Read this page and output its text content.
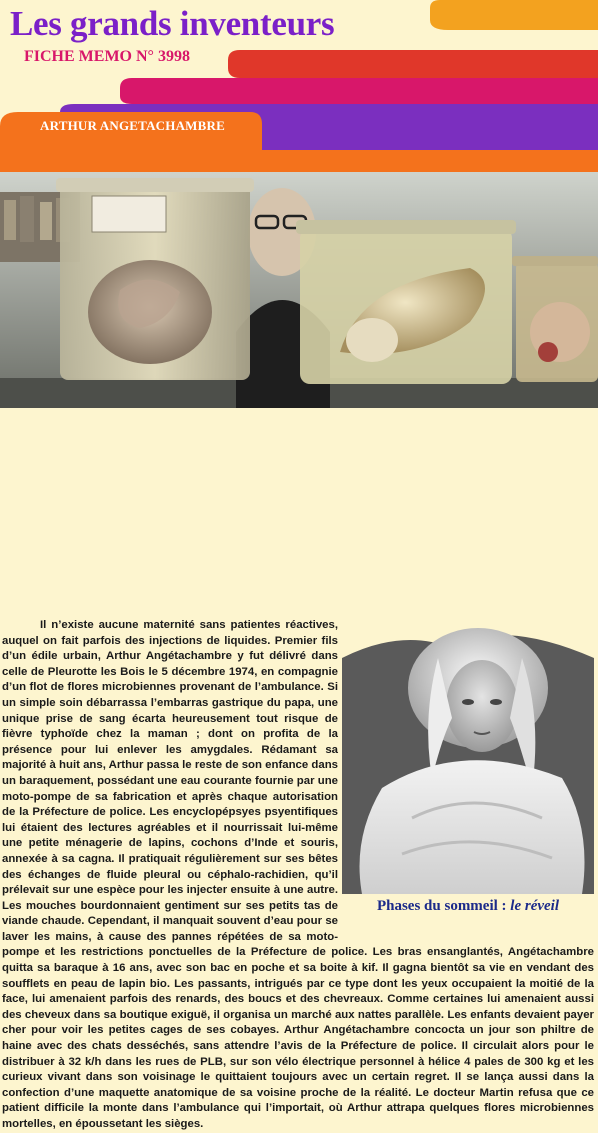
Les grands inventeurs
FICHE MEMO N° 3998
ARTHUR ANGETACHAMBRE

Il n’existe aucune maternité sans patientes réactives, auquel on fait parfois des injections de liquides. Premier fils d’un édile urbain, Arthur Angétachambre y fut délivré dans celle de Pleurotte les Bois le 5 décembre 1974, en compagnie d’un flot de flores microbiennes provenant de l’ambulance. Si un simple soin débarrassa l’embarras gastrique du papa, une unique prise de sang écarta heureusement tout risque de fièvre typhoïde chez la maman ; dont on profita de la présence pour lui enlever les amygdales. Rédamant sa majorité à huit ans, Arthur passa le reste de son enfance dans un baraquement, possédant une eau courante fournie par une moto-pompe de sa fabrication et après chaque autorisation de la Préfecture de police. Les encyclopépsyes psyentifiques lui étaient des lectures agréables et il nourrissait lui-même une petite ménagerie de lapins, cochons d’Inde et souris, annexée à sa cagna. Il pratiquait régulièrement sur ses bêtes des échanges de fluide pleural ou céphalo-rachidien, qu’il prélevait sur une espèce pour les injecter ensuite à une autre. Les mouches bourdonnaient gentiment sur ses petits tas de viande chaude. Cependant, il manquait souvent d’eau pour se laver les mains, à cause des pannes répétées de sa moto-pompe et les restrictions ponctuelles de la Préfecture de police. Les bras ensanglantés, Angétachambre quitta sa baraque à 16 ans, avec son bac en poche et sa boite à kif. Il gagna bientôt sa vie en vendant des soufflets en peau de lapin bio. Les passants, intrigués par ce type dont les yeux occupaient la moitié de la face, lui amenaient parfois des renards, des boucs et des chevreaux. Comme certaines lui amenaient aussi des cheveux dans sa boutique exiguë, il organisa un marché aux nattes parallèle. Les enfants devaient payer cher pour voir les petites cages de ses cobayes. Arthur Angétachambre concocta un jour son philtre de haine avec des chats desséchés, sans attendre l’avis de la Préfecture de police. Il circulait alors pour le distribuer à 32 k/h dans les rues de PLB, sur son vélo électrique personnel à hélice 4 pales de 300 kg et les curieux vivant dans son voisinage le quittaient toujours avec un certain regret. Il se lança aussi dans la confection d’une maquette anatomique de sa voisine proche de la réalité. Le docteur Martin refusa que ce patient difficile la monte dans l’ambulance qui l’importait, où Arthur attrapa quelques flores microbiennes mortelles, en époussetant les sièges.

Phases du sommeil : le réveil
